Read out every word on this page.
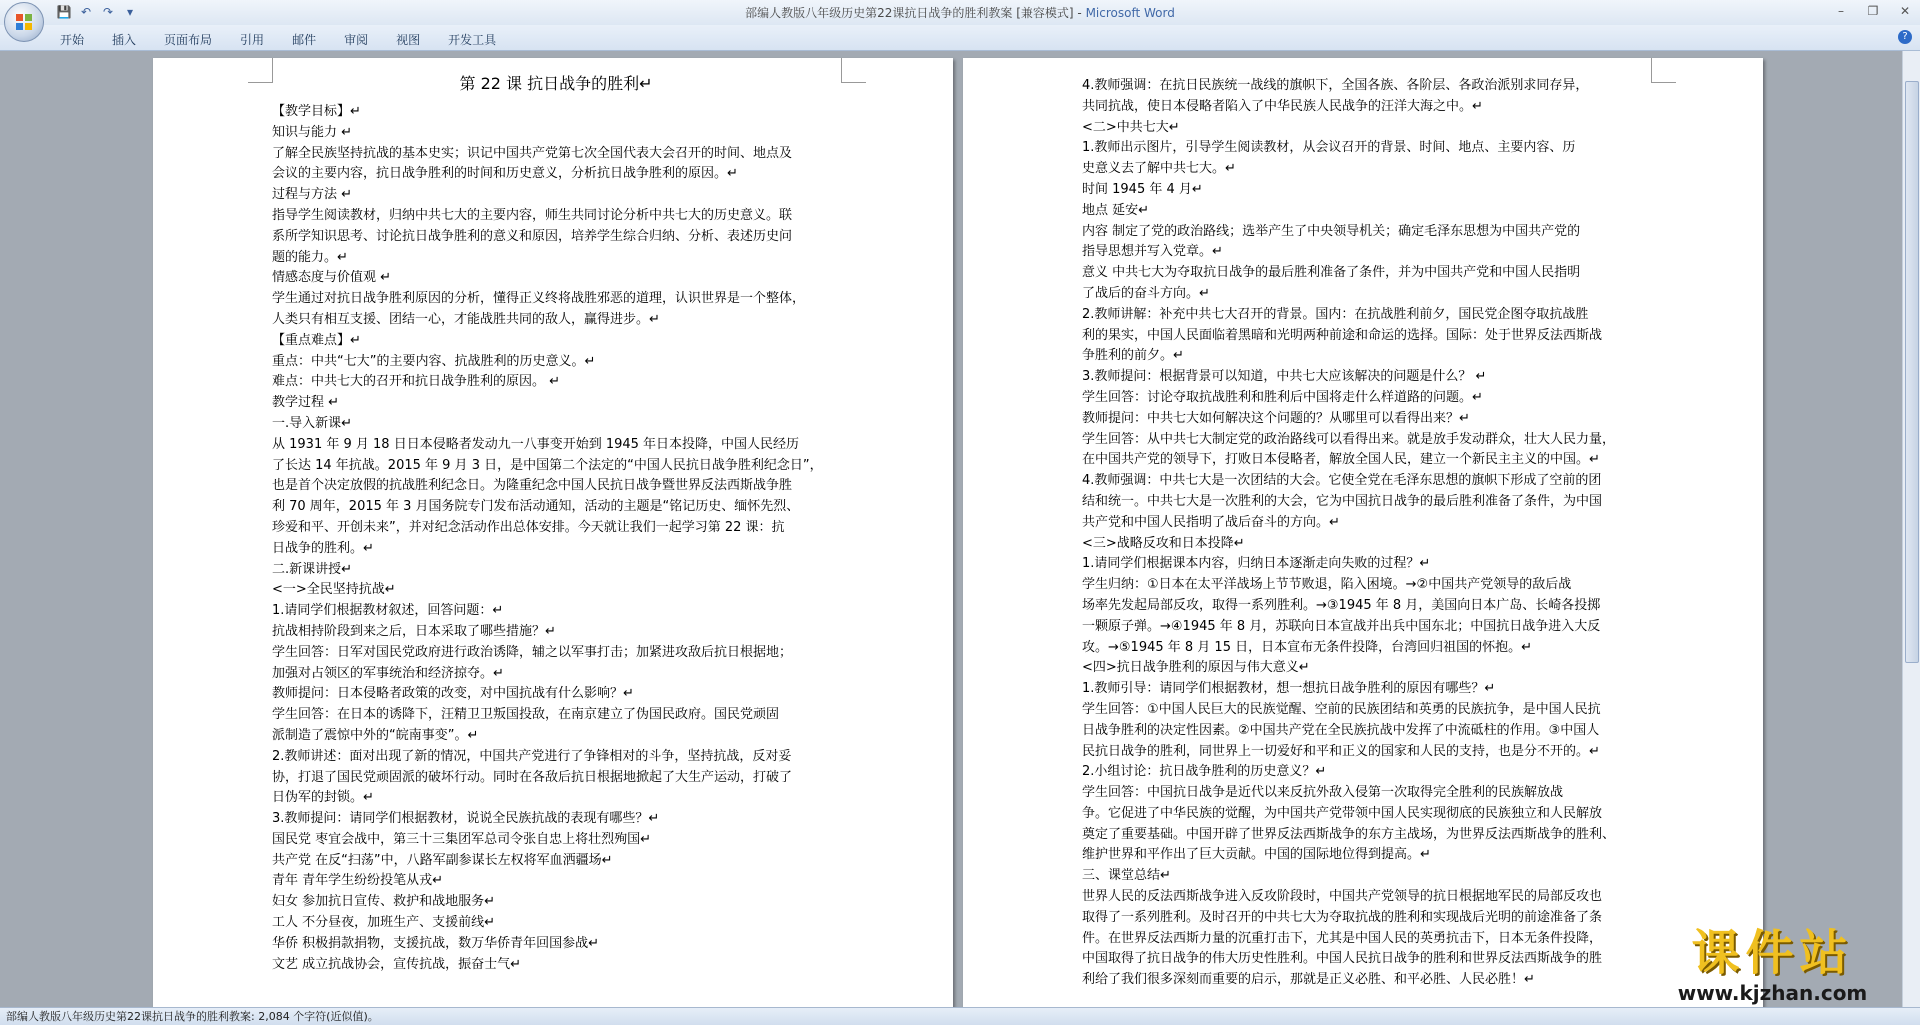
💾 ↶ ↷	▾	部编人教版八年级历史第22课抗日战争的胜利教案 [兼容模式] - Microsoft Word	–	❐	✕
开始	插入	页面布局	引用	邮件	审阅	视图	开发工具	?
第 22 课 抗日战争的胜利↵
【教学目标】↵
知识与能力 ↵
了解全民族坚持抗战的基本史实；识记中国共产党第七次全国代表大会召开的时间、地点及
会议的主要内容，抗日战争胜利的时间和历史意义，分析抗日战争胜利的原因。↵
过程与方法 ↵
指导学生阅读教材，归纳中共七大的主要内容，师生共同讨论分析中共七大的历史意义。联
系所学知识思考、讨论抗日战争胜利的意义和原因，培养学生综合归纳、分析、表述历史问
题的能力。↵
情感态度与价值观 ↵
学生通过对抗日战争胜利原因的分析，懂得正义终将战胜邪恶的道理，认识世界是一个整体，
人类只有相互支援、团结一心，才能战胜共同的敌人，赢得进步。↵
【重点难点】↵
重点：中共“七大”的主要内容、抗战胜利的历史意义。↵
难点：中共七大的召开和抗日战争胜利的原因。 ↵
教学过程 ↵
一.导入新课↵
从 1931 年 9 月 18 日日本侵略者发动九一八事变开始到 1945 年日本投降，中国人民经历
了长达 14 年抗战。2015 年 9 月 3 日，是中国第二个法定的“中国人民抗日战争胜利纪念日”，
也是首个决定放假的抗战胜利纪念日。为隆重纪念中国人民抗日战争暨世界反法西斯战争胜
利 70 周年，2015 年 3 月国务院专门发布活动通知，活动的主题是“铭记历史、缅怀先烈、
珍爱和平、开创未来”，并对纪念活动作出总体安排。今天就让我们一起学习第 22 课：抗
日战争的胜利。↵
二.新课讲授↵
<一>全民坚持抗战↵
1.请同学们根据教材叙述，回答问题：↵
抗战相持阶段到来之后，日本采取了哪些措施？↵
学生回答：日军对国民党政府进行政治诱降，辅之以军事打击；加紧进攻敌后抗日根据地；
加强对占领区的军事统治和经济掠夺。↵
教师提问：日本侵略者政策的改变，对中国抗战有什么影响？↵
学生回答：在日本的诱降下，汪精卫卫叛国投敌，在南京建立了伪国民政府。国民党顽固
派制造了震惊中外的“皖南事变”。↵
2.教师讲述：面对出现了新的情况，中国共产党进行了争锋相对的斗争，坚持抗战，反对妥
协，打退了国民党顽固派的破坏行动。同时在各敌后抗日根据地掀起了大生产运动，打破了
日伪军的封锁。↵
3.教师提问：请同学们根据教材，说说全民族抗战的表现有哪些？↵
国民党 枣宜会战中，第三十三集团军总司令张自忠上将壮烈殉国↵
共产党 在反“扫荡”中，八路军副参谋长左权将军血洒疆场↵
青年 青年学生纷纷投笔从戎↵
妇女 参加抗日宣传、救护和战地服务↵
工人 不分昼夜，加班生产、支援前线↵
华侨 积极捐款捐物，支援抗战，数万华侨青年回国参战↵
文艺 成立抗战协会，宣传抗战，振奋士气↵
4.教师强调：在抗日民族统一战线的旗帜下，全国各族、各阶层、各政治派别求同存异，
共同抗战，使日本侵略者陷入了中华民族人民战争的汪洋大海之中。↵
<二>中共七大↵
1.教师出示图片，引导学生阅读教材，从会议召开的背景、时间、地点、主要内容、历
史意义去了解中共七大。↵
时间 1945 年 4 月↵
地点 延安↵
内容 制定了党的政治路线；选举产生了中央领导机关；确定毛泽东思想为中国共产党的
指导思想并写入党章。↵
意义 中共七大为夺取抗日战争的最后胜利准备了条件，并为中国共产党和中国人民指明
了战后的奋斗方向。↵
2.教师讲解：补充中共七大召开的背景。国内：在抗战胜利前夕，国民党企图夺取抗战胜
利的果实，中国人民面临着黑暗和光明两种前途和命运的选择。国际：处于世界反法西斯战
争胜利的前夕。↵
3.教师提问：根据背景可以知道，中共七大应该解决的问题是什么？ ↵
学生回答：讨论夺取抗战胜利和胜利后中国将走什么样道路的问题。↵
教师提问：中共七大如何解决这个问题的？从哪里可以看得出来？↵
学生回答：从中共七大制定党的政治路线可以看得出来。就是放手发动群众，壮大人民力量，
在中国共产党的领导下，打败日本侵略者，解放全国人民，建立一个新民主主义的中国。↵
4.教师强调：中共七大是一次团结的大会。它使全党在毛泽东思想的旗帜下形成了空前的团
结和统一。中共七大是一次胜利的大会，它为中国抗日战争的最后胜利准备了条件，为中国
共产党和中国人民指明了战后奋斗的方向。↵
<三>战略反攻和日本投降↵
1.请同学们根据课本内容，归纳日本逐渐走向失败的过程？↵
学生归纳：①日本在太平洋战场上节节败退，陷入困境。→②中国共产党领导的敌后战
场率先发起局部反攻，取得一系列胜利。→③1945 年 8 月，美国向日本广岛、长崎各投掷
一颗原子弹。→④1945 年 8 月，苏联向日本宣战并出兵中国东北；中国抗日战争进入大反
攻。→⑤1945 年 8 月 15 日，日本宣布无条件投降，台湾回归祖国的怀抱。↵
<四>抗日战争胜利的原因与伟大意义↵
1.教师引导：请同学们根据教材，想一想抗日战争胜利的原因有哪些？↵
学生回答：①中国人民巨大的民族觉醒、空前的民族团结和英勇的民族抗争，是中国人民抗
日战争胜利的决定性因素。②中国共产党在全民族抗战中发挥了中流砥柱的作用。③中国人
民抗日战争的胜利，同世界上一切爱好和平和正义的国家和人民的支持，也是分不开的。↵
2.小组讨论：抗日战争胜利的历史意义？↵
学生回答：中国抗日战争是近代以来反抗外敌入侵第一次取得完全胜利的民族解放战
争。它促进了中华民族的觉醒，为中国共产党带领中国人民实现彻底的民族独立和人民解放
奠定了重要基础。中国开辟了世界反法西斯战争的东方主战场，为世界反法西斯战争的胜利、
维护世界和平作出了巨大贡献。中国的国际地位得到提高。↵
三、课堂总结↵
世界人民的反法西斯战争进入反攻阶段时，中国共产党领导的抗日根据地军民的局部反攻也
取得了一系列胜利。及时召开的中共七大为夺取抗战的胜利和实现战后光明的前途准备了条
件。在世界反法西斯力量的沉重打击下，尤其是中国人民的英勇抗击下，日本无条件投降，
中国取得了抗日战争的伟大历史性胜利。中国人民抗日战争的胜利和世界反法西斯战争的胜
利给了我们很多深刻而重要的启示，那就是正义必胜、和平必胜、人民必胜！↵
部编人教版八年级历史第22课抗日战争的胜利教案: 2,084 个字符(近似值)。
课件站
www.kjzhan.com
